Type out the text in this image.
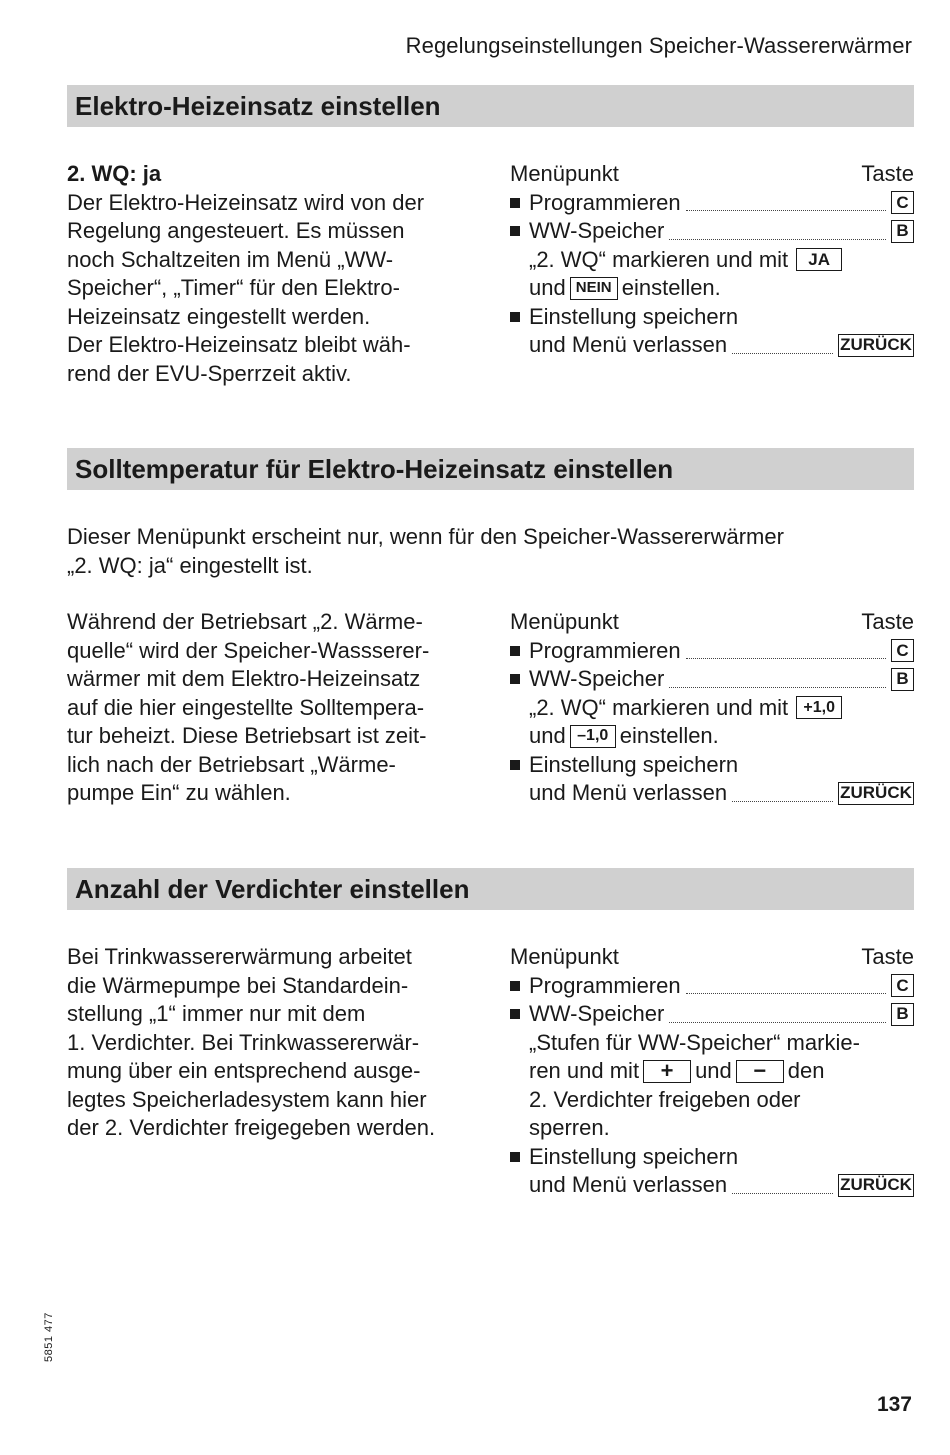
Regelungseinstellungen Speicher-Wassererwärmer
Elektro-Heizeinsatz einstellen
2. WQ: ja
Der Elektro-Heizeinsatz wird von der
Regelung angesteuert. Es müssen
noch Schaltzeiten im Menü „WW-
Speicher“, „Timer“ für den Elektro-
Heizeinsatz eingestellt werden.
Der Elektro-Heizeinsatz bleibt wäh-
rend der EVU-Sperrzeit aktiv.
Menüpunkt	Taste
Programmieren	C
WW-Speicher	B
„2. WQ“ markieren und mit	JA
und NEIN einstellen.
Einstellung speichern
und Menü verlassen	ZURÜCK
Solltemperatur für Elektro-Heizeinsatz einstellen
Dieser Menüpunkt erscheint nur, wenn für den Speicher-Wassererwärmer
„2. WQ: ja“ eingestellt ist.
Während der Betriebsart „2. Wärme-
quelle“ wird der Speicher-Wassserer-
wärmer mit dem Elektro-Heizeinsatz
auf die hier eingestellte Solltempera-
tur beheizt. Diese Betriebsart ist zeit-
lich nach der Betriebsart „Wärme-
pumpe Ein“ zu wählen.
Menüpunkt	Taste
Programmieren	C
WW-Speicher	B
„2. WQ“ markieren und mit +1,0
und –1,0 einstellen.
Einstellung speichern
und Menü verlassen	ZURÜCK
Anzahl der Verdichter einstellen
Bei Trinkwassererwärmung arbeitet
die Wärmepumpe bei Standardein-
stellung „1“ immer nur mit dem
1. Verdichter. Bei Trinkwassererwär-
mung über ein entsprechend ausge-
legtes Speicherladesystem kann hier
der 2. Verdichter freigegeben werden.
Menüpunkt	Taste
Programmieren	C
WW-Speicher	B
„Stufen für WW-Speicher“ markie-
ren und mit + und − den
2. Verdichter freigeben oder
sperren.
Einstellung speichern
und Menü verlassen	ZURÜCK
5851 477
137
